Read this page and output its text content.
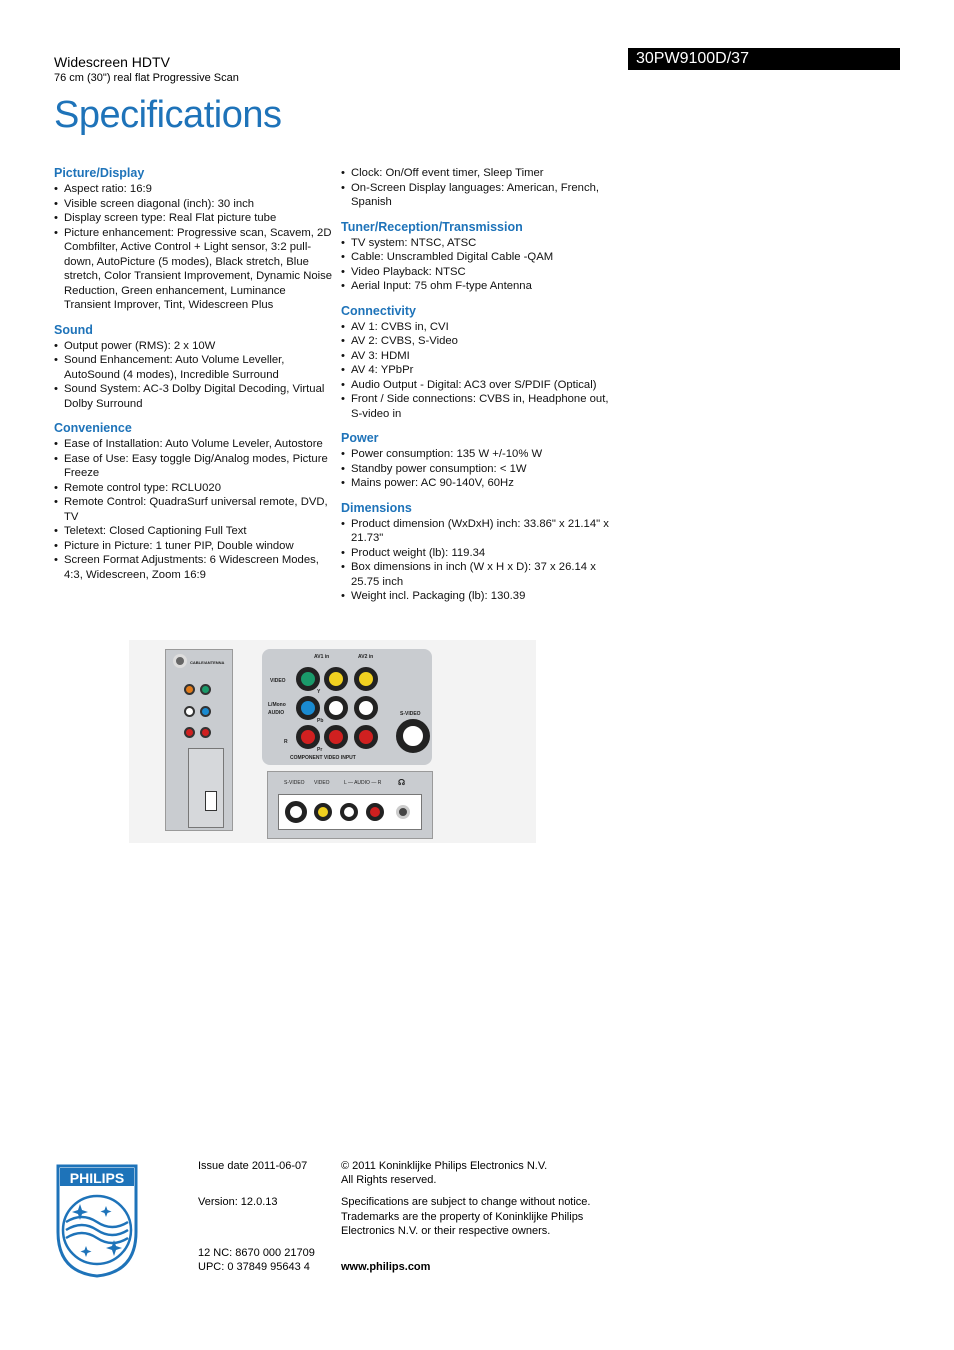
Widescreen HDTV
76 cm (30") real flat Progressive Scan
Specifications
30PW9100D/37
Picture/Display
• Aspect ratio: 16:9
• Visible screen diagonal (inch): 30 inch
• Display screen type: Real Flat picture tube
• Picture enhancement: Progressive scan, Scavem, 2D Combfilter, Active Control + Light sensor, 3:2 pull-down, AutoPicture (5 modes), Black stretch, Blue stretch, Color Transient Improvement, Dynamic Noise Reduction, Green enhancement, Luminance Transient Improver, Tint, Widescreen Plus
Sound
• Output power (RMS): 2 x 10W
• Sound Enhancement: Auto Volume Leveller, AutoSound (4 modes), Incredible Surround
• Sound System: AC-3 Dolby Digital Decoding, Virtual Dolby Surround
Convenience
• Ease of Installation: Auto Volume Leveler, Autostore
• Ease of Use: Easy toggle Dig/Analog modes, Picture Freeze
• Remote control type: RCLU020
• Remote Control: QuadraSurf universal remote, DVD, TV
• Teletext: Closed Captioning Full Text
• Picture in Picture: 1 tuner PIP, Double window
• Screen Format Adjustments: 6 Widescreen Modes, 4:3, Widescreen, Zoom 16:9
• Clock: On/Off event timer, Sleep Timer
• On-Screen Display languages: American, French, Spanish
Tuner/Reception/Transmission
• TV system: NTSC, ATSC
• Cable: Unscrambled Digital Cable -QAM
• Video Playback: NTSC
• Aerial Input: 75 ohm F-type Antenna
Connectivity
• AV 1: CVBS in, CVI
• AV 2: CVBS, S-Video
• AV 3: HDMI
• AV 4: YPbPr
• Audio Output - Digital: AC3 over S/PDIF (Optical)
• Front / Side connections: CVBS in, Headphone out, S-video in
Power
• Power consumption: 135 W +/-10% W
• Standby power consumption: < 1W
• Mains power: AC 90-140V, 60Hz
Dimensions
• Product dimension (WxDxH) inch: 33.86" x 21.14" x 21.73"
• Product weight (lb): 119.34
• Box dimensions in inch (W x H x D): 37 x 26.14 x 25.75 inch
• Weight incl. Packaging (lb): 130.39
CABLE/ANTENNA
AV1 in	AV2 in
VIDEO
L/Mono
AUDIO
R
Y
Pb
Pr
S-VIDEO
COMPONENT VIDEO INPUT
S-VIDEO VIDEO	L — AUDIO — R ☊
PHILIPS
Issue date 2011-06-07
Version: 12.0.13
12 NC: 8670 000 21709
UPC: 0 37849 95643 4
© 2011 Koninklijke Philips Electronics N.V.
All Rights reserved.
Specifications are subject to change without notice. Trademarks are the property of Koninklijke Philips Electronics N.V. or their respective owners.
www.philips.com
